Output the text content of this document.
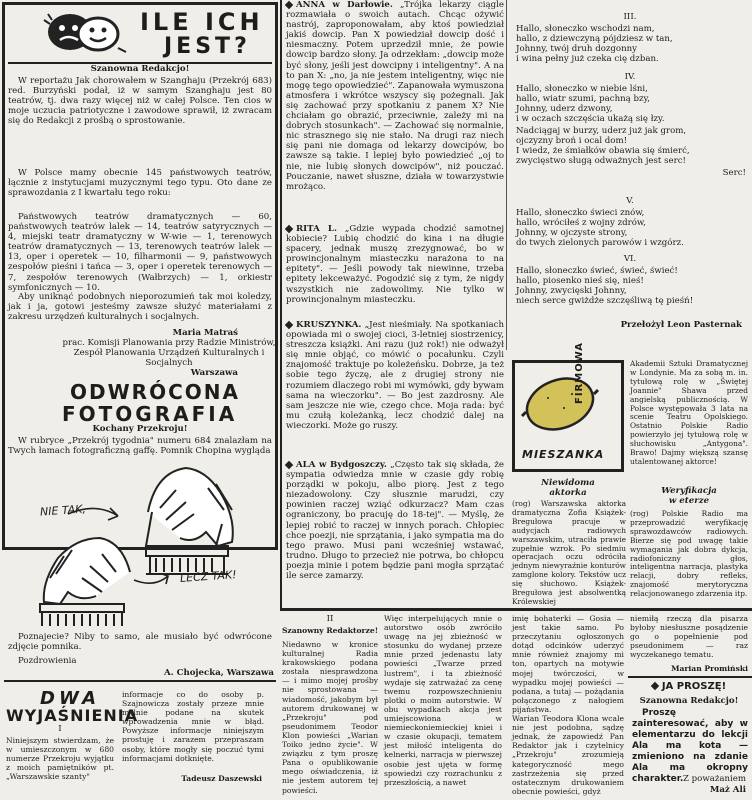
ILE ICH
JEST?
Szanowna Redakcjo!
W reportażu Jak chorowałem w Szanghaju (Przekrój 683) red. Burzyński podał, iż w samym Szanghaju jest 80 teatrów, tj. dwa razy więcej niż w całej Polsce. Ten cios w moje uczucia patriotyczne i zawodowe sprawił, iż zwracam się do Redakcji z prośbą o sprostowanie.
W Polsce mamy obecnie 145 państwowych teatrów, łącznie z instytucjami muzycznymi tego typu. Oto dane ze sprawozdania z I kwartału tego roku:
Państwowych teatrów dramatycznych — 60, państwowych teatrów lalek — 14, teatrów satyrycznych — 4, miejski teatr dramatyczny w W-wie — 1, terenowych teatrów dramatycznych — 13, terenowych teatrów lalek — 13, oper i operetek — 10, filharmonii — 9, państwowych zespołów pieśni i tańca — 3, oper i operetek terenowych — 7, zespołów terenowych (Wałbrzych) — 1, orkiestr symfonicznych — 10.
Aby uniknąć podobnych nieporozumień tak moi koledzy, jak i ja, gotowi jesteśmy zawsze służyć materiałami z zakresu urzędzeń kulturalnych i socjalnych.
Maria Matraś
prac. Komisji Planowania przy Radzie Ministrów, Zespół Planowania Urządzeń Kulturalnych i Socjalnych
Warszawa
ODWRÓCONA
FOTOGRAFIA
Kochany Przekroju!
W rubryce „Przekrój tygodnia" numeru 684 znalazłam na Twych łamach fotograficzną gaffę. Pomnik Chopina wygląda
NIE TAK,
LECZ TAK!
Poznajecie? Niby to samo, ale musiało być odwrócone zdjęcie pomnika.
Pozdrowienia
A. Chojecka, Warszawa
DWA
WYJAŚNIENIA
I
Niniejszym stwierdzam, że w umieszczonym w 680 numerze Przekroju wyjątku z moich pamiętników pt. „Warszawskie szanty"
informacje co do osoby p. Szajnowicza zostały przeze mnie mylnie podane na skutek wprowadzenia mnie w błąd. Powyższe informacje niniejszym prostuję i zarazem przepraszam osoby, które mogły się poczuć tymi informacjami dotknięte.
Tadeusz Daszewski
ANNA w Darłowie. „Trójka lekarzy ciągle rozmawiała o swoich autach. Chcąc ożywić nastrój, zaproponowałam, aby ktoś powiedział jakiś dowcip. Pan X powiedział dowcip dość i niesmaczny. Potem uprzedził mnie, że powie dowcip bardzo słony. Ja odrzekłam: „dowcip może być słony, jeśli jest dowcipny i inteligentny". A na to pan X: „no, ja nie jestem inteligentny, więc nie mogę tego opowiedzieć". Zapanowała wymuszona atmosfera i wkrótce wszyscy się pożegnali. Jak się zachować przy spotkaniu z panem X? Nie chciałam go obrazić, przeciwnie, zależy mi na dobrych stosunkach". — Zachować się normalnie, nic strasznego się nie stało. Na drugi raz niech się pani nie domaga od lekarzy dowcipów, bo zawsze są takie. I lepiej było powiedzieć „oj to nie, nie lubię słonych dowcipów", niż pouczać. Pouczanie, nawet słuszne, działa w towarzystwie mrożąco.
RITA L. „Gdzie wypada chodzić samotnej kobiecie? Lubię chodzić do kina i na długie spacery, jednak muszę zrezygnować, bo w prowincjonalnym miasteczku narażona to na epitety". — Jeśli powody tak niewinne, trzeba epitety lekceważyć. Pogodzić się z tym, że nigdy wszystkich nie zadowolimy. Nie tylko w prowincjonalnym miasteczku.
KRUSZYNKA. „Jest nieśmiały. Na spotkaniach opowiada mi o swojej cioci, 3-letniej siostrzenicy, streszcza książki. Ani razu (już rok!) nie odważył się mnie objąć, co mówić o pocałunku. Czyli znajomość traktuje po koleżeńsku. Dobrze, ja też sobie tego życzę, ale z drugiej strony nie rozumiem dlaczego robi mi wymówki, gdy bywam sama na wieczorku". — Bo jest zazdrosny. Ale sam jeszcze nie wie, czego chce. Moja rada: być mu czułą koleżanką, lecz chodzić dalej na wieczorki. Może go ruszy.
ALA w Bydgoszczy. „Często tak się składa, że sympatia odwiedza mnie w czasie gdy robię porządki w pokoju, albo piorę. Jest z tego niezadowolony. Czy słusznie marudzi, czy powinien raczej wziąć odkurzacz? Mam czas ograniczony, bo pracuję do 18-tej". — Myślę, że lepiej robić to raczej w innych porach. Chłopiec chce poezji, nie sprzątania, i jako sympatia ma do tego prawo. Musi pani wcześniej wstawać, trudno. Długo to przecież nie potrwa, bo chłopcu poezja minie i potem będzie pani mogła sprzątać ile serce zamarzy.
II
Szanowny Redaktorze!
Niedawno w kronice kulturalnej Radia krakowskiego podana została niesprawdzona — i mimo mojej prośby nie sprostowana — wiadomość, jakobym był autorem drukowanej w „Przekroju" pod pseudonimem Teodor Klon powieści „Warian Toiko jedno życie". W związku z tym proszę Pana o opublikowanie mego oświadczenia, iż nie jestem autorem tej powieści.
III.
Hallo, słoneczko wschodzi nam,
hallo, z dziewczyną pójdziesz w tan,
Johnny, twój druh dozgonny
i wina pełny już czeka cię dzban.
IV.
Hallo, słoneczko w niebie lśni,
hallo, wiatr szumi, pachną bzy,
Johnny, uderz dzwony,
i w oczach szczęścia ukażą się łzy.
Nadciągaj w burzy, uderz już jak grom,
ojczyzny broń i ocal dom!
I wiedz, że śmiałków obawia się śmierć,
zwycięstwo sługą odważnych jest serc!
Serc!
V.
Hallo, słoneczko świeci znów,
hallo, wróciłeś z wojny zdrów,
Johnny, w ojczyste strony,
do twych zielonych parowów i wzgórz.
VI.
Hallo, słoneczko świeć, świeć, świeć!
hallo, piosenko nieś się, nieś!
Johnny, zwycięski Johnny,
niech serce gwiżdże szczęśliwą tę pieśń!
Przełożył Leon Pasternak
FIRMOWA
MIESZANKA
Niewidoma
aktorka
(rog) Warszawska aktorka dramatyczna Zofia Książek-Bregułowa pracuje w audycjach radiowych warszawskim, utraciła prawie zupełnie wzrok. Po siedmiu operacjach oczu odróciła jednym niewyraźnie konturów zamglone kolory. Tekstów ucz się słuchowo. Książek-Bregułowa jest absolwentką Królewskiej
Akademii Sztuki Dramatycznej w Londynie. Ma za sobą m. in. tytułową rolę w „Świętej Joannie" Shawa przed angielską publicznością. W Polsce występowała 3 lata na scenie Teatru Opolskiego. Ostatnio Polskie Radio powierzyło jej tytułową rolę w słuchowisku „Antygona". Brawo! Dajmy większą szansę utalentowanej aktorce!
Weryfikacja
w eterze
(rog) Polskie Radio ma przeprowadzić weryfikację sprawozdawców radiowych. Bierze się pod uwagę takie wymagania jak dobra dykcja, radiofoniczny głos, inteligentna narracja, plastyka relacji, dobry refleks, znajomość merytoryczna relacjonowanego zdarzenia itp.
Więc interpelujących mnie o autorstwo osób zwróciło uwagę na jej zbieżność w stosunku do wydanej przeze mnie przed jedenastu laty powieści „Twarze przed lustrem", i ta zbieżność wydaje się zatrważać za cenę twemu rozpowszechnieniu plotki o moim autorstwie. W obu wypadkach akcja jest umiejscowiona w niemieckoniemieckiej kniei i w czasie okupacji, tematem jest miłość inteligenta do kelnerki, narracja w pierwszej osobie jest ujęta w formę spowiedzi czy rozrachunku z przeszłością, a nawet
imię bohaterki — Gosia — jest takie samo. Po przeczytaniu ogłoszonych dotąd odcinków uderzyć mnie również znajomy mi ton, opartych na motywie mojej twórczości, w wypadku mojej powieści — podana, a tutaj — pożądania połączonego z nałogiem pijaństwa.
Warian Teodora Klona wcale nie jest podobna, sądzę jednak, że zapowiedź Pan Redaktor jak i czytelnicy „Przekroju" zrozumieją kategoryczność mego zastrzeżenia się przed ostatecznym drukowaniem obecnie powieści, gdyż
niemiłą rzeczą dla pisarza byłoby niesłuszne posądzenie go o popełnienie pod pseudonimem — raz wyczekanego tematu.
Marian Promiński
JA PROSZĘ!
Szanowna Redakcjo!
Proszę zainteresować, aby w elementarzu do lekcji Ala ma kota — zmieniono na zdanie Ala ma okropny charakter. Z poważaniem
Maż Ali
